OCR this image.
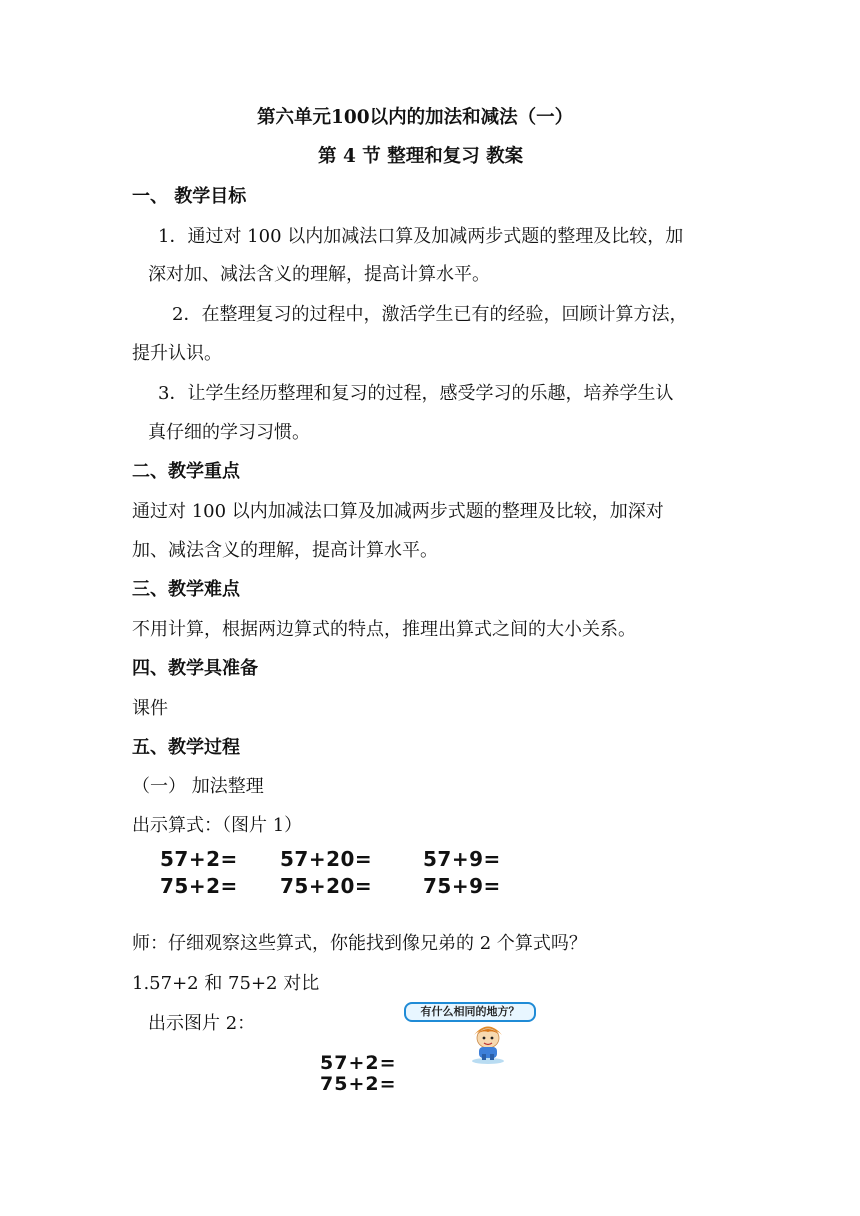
第六单元100以内的加法和减法（一）
第 4 节 整理和复习 教案
一、 教学目标
1．通过对 100 以内加减法口算及加减两步式题的整理及比较，加
深对加、减法含义的理解，提高计算水平。
2．在整理复习的过程中，激活学生已有的经验，回顾计算方法，
提升认识。
3．让学生经历整理和复习的过程，感受学习的乐趣，培养学生认
真仔细的学习习惯。
二、教学重点
通过对 100 以内加减法口算及加减两步式题的整理及比较，加深对
加、减法含义的理解，提高计算水平。
三、教学难点
不用计算，根据两边算式的特点，推理出算式之间的大小关系。
四、教学具准备
课件
五、教学过程
（一） 加法整理
出示算式：（图片 1）
57+2= 57+20=	57+9=
75+2= 75+20=	75+9=
师：仔细观察这些算式，你能找到像兄弟的 2 个算式吗？
1.57+2 和 75+2 对比
出示图片 2：
有什么相同的地方？
57+2=
75+2=
